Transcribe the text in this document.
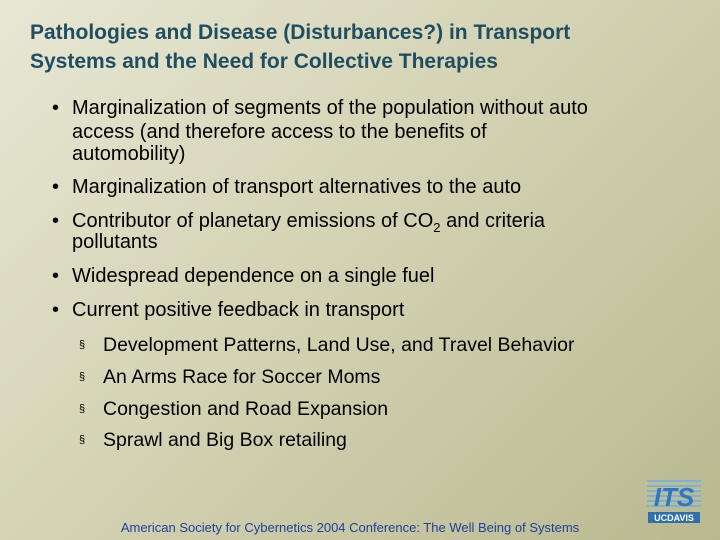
Pathologies and Disease (Disturbances?) in Transport
Systems and the Need for Collective Therapies
• Marginalization of segments of the population without auto
access (and therefore access to the benefits of
automobility)
• Marginalization of transport alternatives to the auto
• Contributor of planetary emissions of $CO_2$ and criteria
pollutants
• Widespread dependence on a single fuel
• Current positive feedback in transport
§ Development Patterns, Land Use, and Travel Behavior
§ An Arms Race for Soccer Moms
§ Congestion and Road Expansion
§ Sprawl and Big Box retailing
American Society for Cybernetics 2004 Conference: The Well Being of Systems
ITS
UCDAVIS
